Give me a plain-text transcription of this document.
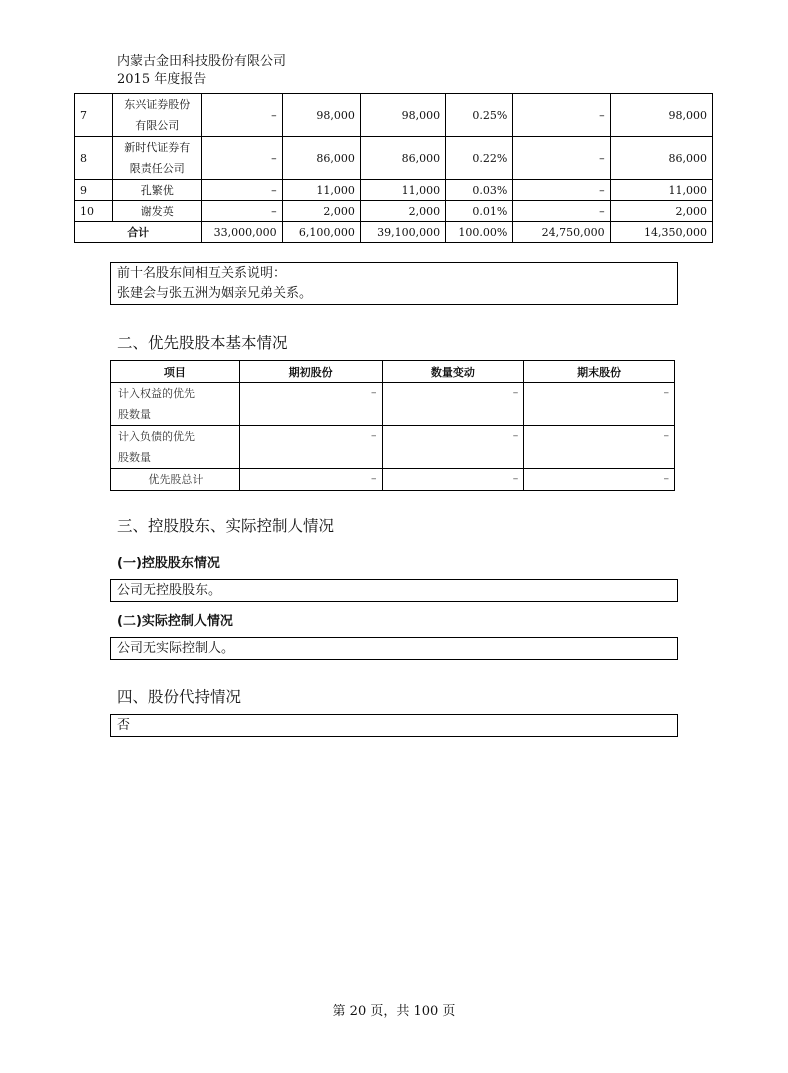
内蒙古金田科技股份有限公司
2015 年度报告
7	东兴证券股份
有限公司	–	98,000	98,000	0.25%	–	98,000
8	新时代证券有
限责任公司	–	86,000	86,000	0.22%	–	86,000
9	孔繁优	–	11,000	11,000	0.03%	–	11,000
10	谢发英	–	2,000	2,000	0.01%	–	2,000
合计		33,000,000	6,100,000	39,100,000	100.00%	24,750,000	14,350,000
前十名股东间相互关系说明：
张建会与张五洲为姻亲兄弟关系。
二、优先股股本基本情况
项目	期初股份	数量变动	期末股份
计入权益的优先
股数量	–	–	–
计入负债的优先
股数量	–	–	–
优先股总计	–	–	–
三、控股股东、实际控制人情况
(一)控股股东情况
公司无控股股东。
(二)实际控制人情况
公司无实际控制人。
四、股份代持情况
否
第 20 页，共 100 页
